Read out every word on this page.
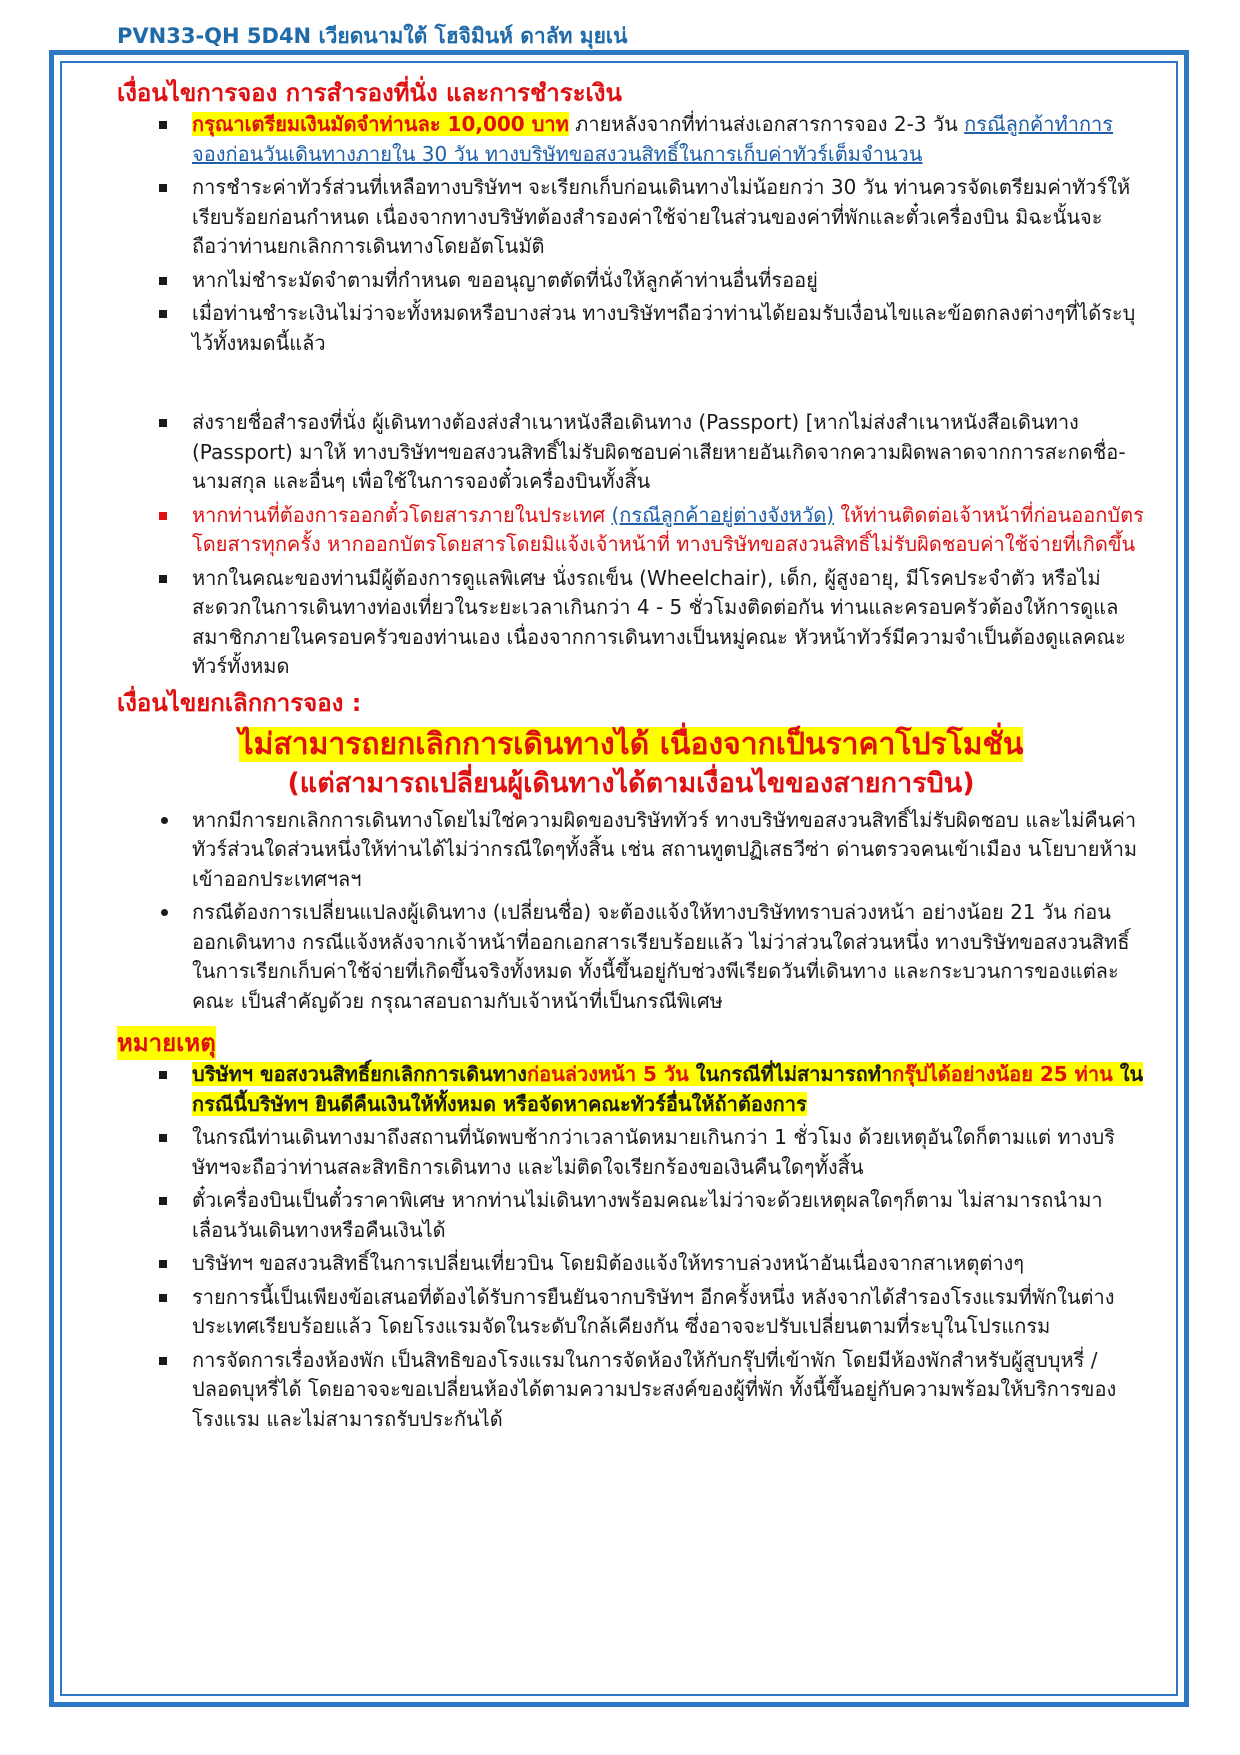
PVN33-QH 5D4N เวียดนามใต้ โฮจิมินห์ ดาลัท มุยเน่
เงื่อนไขการจอง การสำรองที่นั่ง และการชำระเงิน
กรุณาเตรียมเงินมัดจำท่านละ 10,000 บาท ภายหลังจากที่ท่านส่งเอกสารการจอง 2-3 วัน กรณีลูกค้าทำการจองก่อนวันเดินทางภายใน 30 วัน ทางบริษัทขอสงวนสิทธิ์ในการเก็บค่าทัวร์เต็มจำนวน
การชำระค่าทัวร์ส่วนที่เหลือทางบริษัทฯ จะเรียกเก็บก่อนเดินทางไม่น้อยกว่า 30 วัน ท่านควรจัดเตรียมค่าทัวร์ให้เรียบร้อยก่อนกำหนด เนื่องจากทางบริษัทต้องสำรองค่าใช้จ่ายในส่วนของค่าที่พักและตั๋วเครื่องบิน มิฉะนั้นจะถือว่าท่านยกเลิกการเดินทางโดยอัตโนมัติ
หากไม่ชำระมัดจำตามที่กำหนด ขออนุญาตตัดที่นั่งให้ลูกค้าท่านอื่นที่รออยู่
เมื่อท่านชำระเงินไม่ว่าจะทั้งหมดหรือบางส่วน ทางบริษัทฯถือว่าท่านได้ยอมรับเงื่อนไขและข้อตกลงต่างๆที่ได้ระบุไว้ทั้งหมดนี้แล้ว
ส่งรายชื่อสำรองที่นั่ง ผู้เดินทางต้องส่งสำเนาหนังสือเดินทาง (Passport) [หากไม่ส่งสำเนาหนังสือเดินทาง (Passport) มาให้ ทางบริษัทฯขอสงวนสิทธิ์ไม่รับผิดชอบค่าเสียหายอันเกิดจากความผิดพลาดจากการสะกดชื่อ-นามสกุล และอื่นๆ เพื่อใช้ในการจองตั๋วเครื่องบินทั้งสิ้น
หากท่านที่ต้องการออกตั๋วโดยสารภายในประเทศ (กรณีลูกค้าอยู่ต่างจังหวัด) ให้ท่านติดต่อเจ้าหน้าที่ก่อนออกบัตรโดยสารทุกครั้ง หากออกบัตรโดยสารโดยมิแจ้งเจ้าหน้าที่ ทางบริษัทขอสงวนสิทธิ์ไม่รับผิดชอบค่าใช้จ่ายที่เกิดขึ้น
หากในคณะของท่านมีผู้ต้องการดูแลพิเศษ นั่งรถเข็น (Wheelchair), เด็ก, ผู้สูงอายุ, มีโรคประจำตัว หรือไม่สะดวกในการเดินทางท่องเที่ยวในระยะเวลาเกินกว่า 4 - 5 ชั่วโมงติดต่อกัน ท่านและครอบครัวต้องให้การดูแลสมาชิกภายในครอบครัวของท่านเอง เนื่องจากการเดินทางเป็นหมู่คณะ หัวหน้าทัวร์มีความจำเป็นต้องดูแลคณะทัวร์ทั้งหมด
เงื่อนไขยกเลิกการจอง :
ไม่สามารถยกเลิกการเดินทางได้ เนื่องจากเป็นราคาโปรโมชั่น
(แต่สามารถเปลี่ยนผู้เดินทางได้ตามเงื่อนไขของสายการบิน)
หากมีการยกเลิกการเดินทางโดยไม่ใช่ความผิดของบริษัททัวร์ ทางบริษัทขอสงวนสิทธิ์ไม่รับผิดชอบ และไม่คืนค่าทัวร์ส่วนใดส่วนหนึ่งให้ท่านได้ไม่ว่ากรณีใดๆทั้งสิ้น เช่น สถานทูตปฏิเสธวีซ่า ด่านตรวจคนเข้าเมือง นโยบายห้ามเข้าออกประเทศฯลฯ
กรณีต้องการเปลี่ยนแปลงผู้เดินทาง (เปลี่ยนชื่อ) จะต้องแจ้งให้ทางบริษัททราบล่วงหน้า อย่างน้อย 21 วัน ก่อนออกเดินทาง กรณีแจ้งหลังจากเจ้าหน้าที่ออกเอกสารเรียบร้อยแล้ว ไม่ว่าส่วนใดส่วนหนึ่ง ทางบริษัทขอสงวนสิทธิ์ในการเรียกเก็บค่าใช้จ่ายที่เกิดขึ้นจริงทั้งหมด ทั้งนี้ขึ้นอยู่กับช่วงพีเรียดวันที่เดินทาง และกระบวนการของแต่ละคณะ เป็นสำคัญด้วย กรุณาสอบถามกับเจ้าหน้าที่เป็นกรณีพิเศษ
หมายเหตุ
บริษัทฯ ขอสงวนสิทธิ์ยกเลิกการเดินทางก่อนล่วงหน้า 5 วัน ในกรณีที่ไม่สามารถทำกรุ๊ปได้อย่างน้อย 25 ท่าน ในกรณีนี้บริษัทฯ ยินดีคืนเงินให้ทั้งหมด หรือจัดหาคณะทัวร์อื่นให้ถ้าต้องการ
ในกรณีท่านเดินทางมาถึงสถานที่นัดพบช้ากว่าเวลานัดหมายเกินกว่า 1 ชั่วโมง ด้วยเหตุอันใดก็ตามแต่ ทางบริษัทฯจะถือว่าท่านสละสิทธิการเดินทาง และไม่ติดใจเรียกร้องขอเงินคืนใดๆทั้งสิ้น
ตั๋วเครื่องบินเป็นตั๋วราคาพิเศษ หากท่านไม่เดินทางพร้อมคณะไม่ว่าจะด้วยเหตุผลใดๆก็ตาม ไม่สามารถนำมาเลื่อนวันเดินทางหรือคืนเงินได้
บริษัทฯ ขอสงวนสิทธิ์ในการเปลี่ยนเที่ยวบิน โดยมิต้องแจ้งให้ทราบล่วงหน้าอันเนื่องจากสาเหตุต่างๆ
รายการนี้เป็นเพียงข้อเสนอที่ต้องได้รับการยืนยันจากบริษัทฯ อีกครั้งหนึ่ง หลังจากได้สำรองโรงแรมที่พักในต่างประเทศเรียบร้อยแล้ว โดยโรงแรมจัดในระดับใกล้เคียงกัน ซึ่งอาจจะปรับเปลี่ยนตามที่ระบุในโปรแกรม
การจัดการเรื่องห้องพัก เป็นสิทธิของโรงแรมในการจัดห้องให้กับกรุ๊ปที่เข้าพัก โดยมีห้องพักสำหรับผู้สูบบุหรี่ / ปลอดบุหรี่ได้ โดยอาจจะขอเปลี่ยนห้องได้ตามความประสงค์ของผู้ที่พัก ทั้งนี้ขึ้นอยู่กับความพร้อมให้บริการของโรงแรม และไม่สามารถรับประกันได้
